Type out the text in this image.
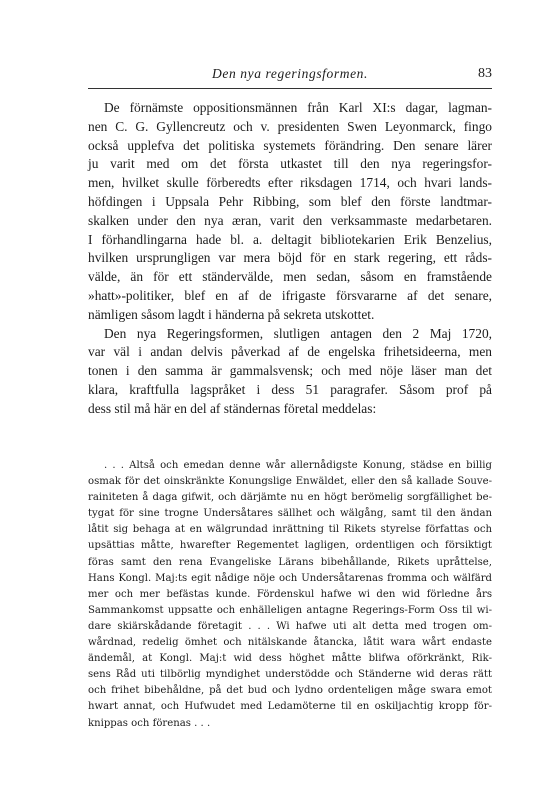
Den nya regeringsformen.	83
De förnämste oppositionsmännen från Karl XI:s dagar, lagman-
nen C. G. Gyllencreutz och v. presidenten Swen Leyonmarck, fingo
också upplefva det politiska systemets förändring. Den senare lärer
ju varit med om det första utkastet till den nya regeringsfor-
men, hvilket skulle förberedts efter riksdagen 1714, och hvari lands-
höfdingen i Uppsala Pehr Ribbing, som blef den förste landtmar-
skalken under den nya æran, varit den verksammaste medarbetaren.
I förhandlingarna hade bl. a. deltagit bibliotekarien Erik Benzelius,
hvilken ursprungligen var mera böjd för en stark regering, ett råds-
välde, än för ett ständervälde, men sedan, såsom en framstående
»hatt»-politiker, blef en af de ifrigaste försvararne af det senare,
nämligen såsom lagdt i händerna på sekreta utskottet.
Den nya Regeringsformen, slutligen antagen den 2 Maj 1720,
var väl i andan delvis påverkad af de engelska frihetsideerna, men
tonen i den samma är gammalsvensk; och med nöje läser man det
klara, kraftfulla lagspråket i dess 51 paragrafer. Såsom prof på
dess stil må här en del af ständernas företal meddelas:
. . . Altså och emedan denne wår allernådigste Konung, städse en billig
osmak för det oinskränkte Konungslige Enwäldet, eller den så kallade Souve-
rainiteten å daga gifwit, och därjämte nu en högt berömelig sorgfällighet be-
tygat för sine trogne Undersåtares sällhet och wälgång, samt til den ändan
låtit sig behaga at en wälgrundad inrättning til Rikets styrelse författas och
upsättias måtte, hwarefter Regementet lagligen, ordentligen och försiktigt
föras samt den rena Evangeliske Lärans bibehållande, Rikets upråttelse,
Hans Kongl. Maj:ts egit nådige nöje och Undersåtarenas fromma och wälfärd
mer och mer befästas kunde. Fördenskul hafwe wi den wid förledne års
Sammankomst uppsatte och enhälleligen antagne Regerings-Form Oss til wi-
dare skiärskådande företagit . . . Wi hafwe uti alt detta med trogen om-
wårdnad, redelig ömhet och nitälskande åtancka, låtit wara wårt endaste
ändemål, at Kongl. Maj:t wid dess höghet måtte blifwa oförkränkt, Rik-
sens Råd uti tilbörlig myndighet understödde och Ständerne wid deras rätt
och frihet bibehåldne, på det bud och lydno ordenteligen måge swara emot
hwart annat, och Hufwudet med Ledamöterne til en oskiljachtig kropp för-
knippas och förenas . . .
